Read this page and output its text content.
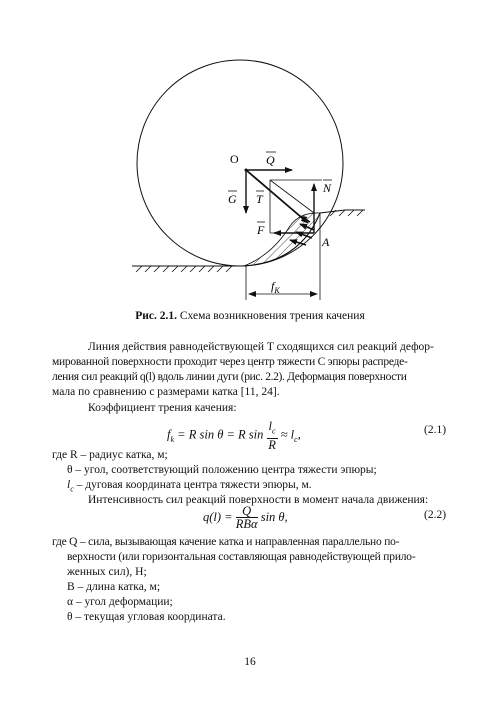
O Q
G T
N
F
A
$f_K$
Рис. 2.1. Схема возникновения трения качения
Линия действия равнодействующей T сходящихся сил реакций дефор-
мированной поверхности проходит через центр тяжести C эпюры распреде-
ления сил реакций q(l) вдоль линии дуги (рис. 2.2). Деформация поверхности
мала по сравнению с размерами катка [11, 24].
Коэффициент трения качения:
$f_k = R$ sin θ = R $\sin \frac{l_c}{R} \approx l_c$,	(2.1)
где R – радиус катка, м;
θ – угол, соответствующий положению центра тяжести эпюры;
$l_c$ – дуговая координата центра тяжести эпюры, м.
Интенсивность сил реакций поверхности в момент начала движения:
$q(l) = \frac{Q}{\text{RBα}}$ sin θ,	(2.2)
где Q – сила, вызывающая качение катка и направленная параллельно по-
верхности (или горизонтальная составляющая равнодействующей прило-
женных сил), Н;
B – длина катка, м;
α – угол деформации;
θ – текущая угловая координата.
16
